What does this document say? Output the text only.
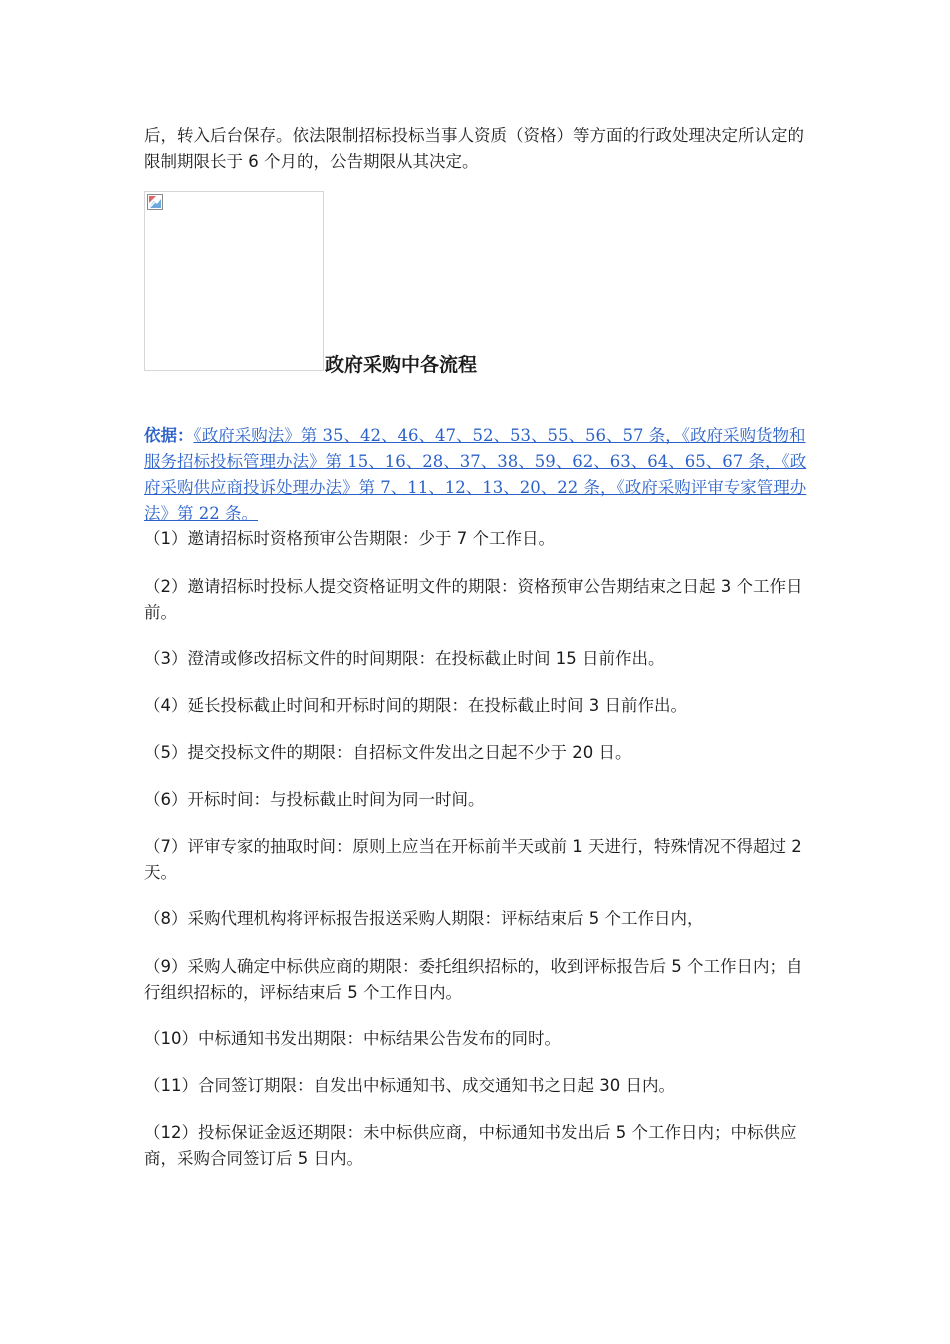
后，转入后台保存。依法限制招标投标当事人资质（资格）等方面的行政处理决定所认定的限制期限长于 6 个月的，公告期限从其决定。

政府采购中各流程

依据：《政府采购法》第 35、42、46、47、52、53、55、56、57 条，《政府采购货物和服务招标投标管理办法》第 15、16、28、37、38、59、62、63、64、65、67 条，《政府采购供应商投诉处理办法》第 7、11、12、13、20、22 条，《政府采购评审专家管理办法》第 22 条。

（1）邀请招标时资格预审公告期限：少于 7 个工作日。

（2）邀请招标时投标人提交资格证明文件的期限：资格预审公告期结束之日起 3 个工作日前。

（3）澄清或修改招标文件的时间期限：在投标截止时间 15 日前作出。

（4）延长投标截止时间和开标时间的期限：在投标截止时间 3 日前作出。

（5）提交投标文件的期限：自招标文件发出之日起不少于 20 日。

（6）开标时间：与投标截止时间为同一时间。

（7）评审专家的抽取时间：原则上应当在开标前半天或前 1 天进行，特殊情况不得超过 2 天。

（8）采购代理机构将评标报告报送采购人期限：评标结束后 5 个工作日内，

（9）采购人确定中标供应商的期限：委托组织招标的，收到评标报告后 5 个工作日内；自行组织招标的，评标结束后 5 个工作日内。

（10）中标通知书发出期限：中标结果公告发布的同时。

（11）合同签订期限：自发出中标通知书、成交通知书之日起 30 日内。

（12）投标保证金返还期限：未中标供应商，中标通知书发出后 5 个工作日内；中标供应商，采购合同签订后 5 日内。
